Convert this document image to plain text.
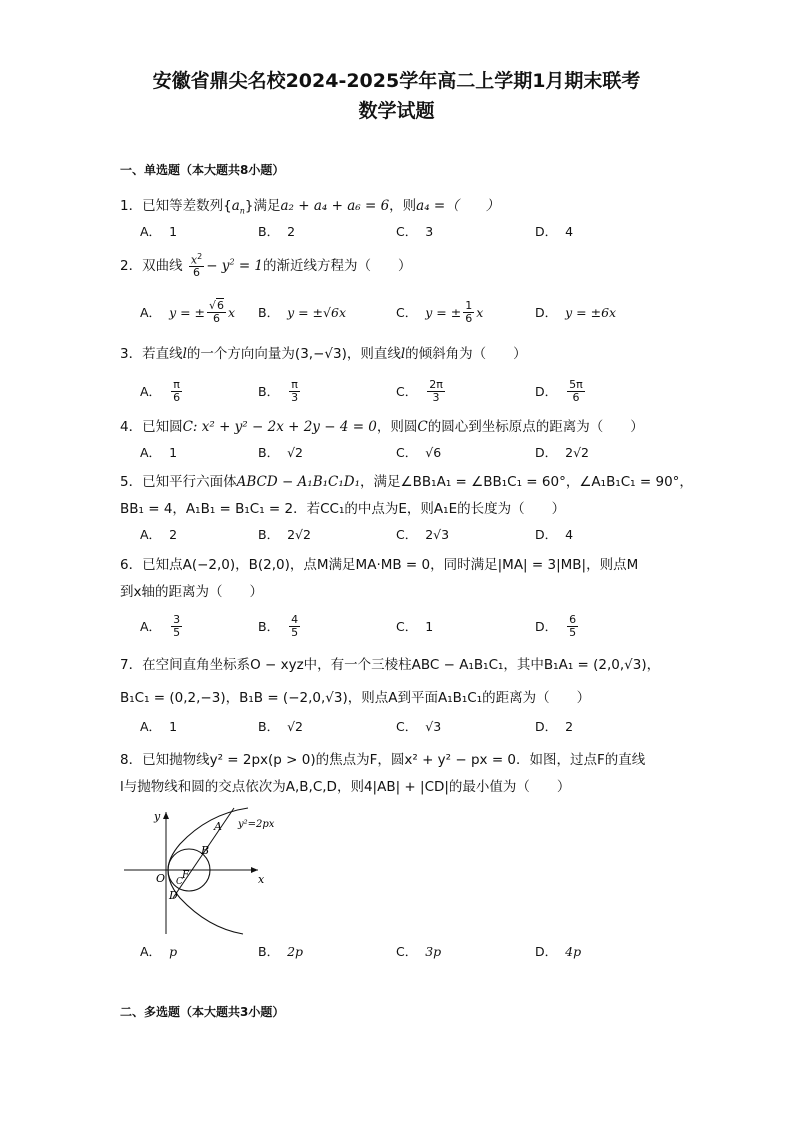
安徽省鼎尖名校2024-2025学年高二上学期1月期末联考
数学试题
一、单选题（本大题共8小题）
1．已知等差数列$\{a_n\}$满足a₂ + a₄ + a₆ = 6，则a₄ =（　　）
A． 1	B． 2	C． 3	D． 4
2．双曲线 $\frac{x^2}{6} - y^2 = 1$的渐近线方程为（　　）
A． y = ± $\frac{√6}{6}$ x B． y = ±√6x	C． y = ± $\frac{1}{6}$ x	D． y = ±6x
3．若直线l的一个方向向量为(3,−√3)，则直线l的倾斜角为（　　）
A． $\frac{\pi}{6}$	B． $\frac{\pi}{3}$	C． $\frac{2\pi}{3}$	D． $\frac{5\pi}{6}$
4．已知圆C: x² + y² − 2x + 2y − 4 = 0，则圆C的圆心到坐标原点的距离为（　　）
A． 1	B． √2	C． √6	D． 2√2
5．已知平行六面体ABCD − A₁B₁C₁D₁，满足∠BB₁A₁ = ∠BB₁C₁ = 60°，∠A₁B₁C₁ = 90°，
BB₁ = 4，A₁B₁ = B₁C₁ = 2．若CC₁的中点为E，则A₁E的长度为（　　）
A． 2	B． 2√2	C． 2√3	D． 4
6．已知点A(−2,0)，B(2,0)，点M满足MA·MB = 0，同时满足|MA| = 3|MB|，则点M
到x轴的距离为（　　）
A． $\frac{3}{5}$	B． $\frac{4}{5}$	C． 1	D． $\frac{6}{5}$
7．在空间直角坐标系O − xyz中，有一个三棱柱ABC − A₁B₁C₁，其中B₁A₁ = (2,0,√3)，
B₁C₁ = (0,2,−3)，B₁B = (−2,0,√3)，则点A到平面A₁B₁C₁的距离为（　　）
A． 1	B． √2	C． √3	D． 2
8．已知抛物线y² = 2px(p > 0)的焦点为F，圆x² + y² − px = 0．如图，过点F的直线
l与抛物线和圆的交点依次为A,B,C,D，则4|AB| + |CD|的最小值为（　　）
y
x
O
A
B
C
F
D
y²=2px
A． p	B． 2p	C． 3p	D． 4p
二、多选题（本大题共3小题）
